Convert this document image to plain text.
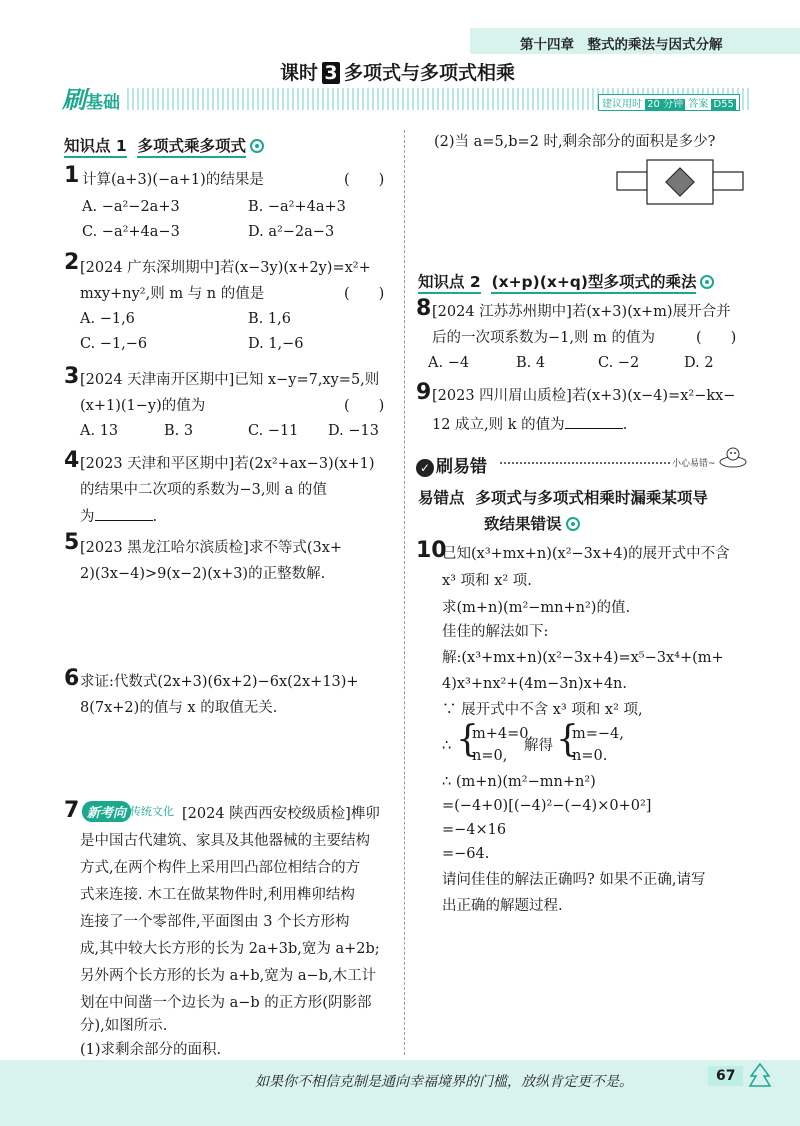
第十四章　整式的乘法与因式分解
课时 3 多项式与多项式相乘
刷基础	建议用时 20 分钟 答案 D55
知识点 1 多项式乘多项式
1 计算(a+3)(−a+1)的结果是	(　　)
A. −a²−2a+3	B. −a²+4a+3
C. −a²+4a−3	D. a²−2a−3
2 [2024 广东深圳期中]若(x−3y)(x+2y)=x²+
mxy+ny²,则 m 与 n 的值是	(　　)
A. −1,6	B. 1,6
C. −1,−6	D. 1,−6
3 [2024 天津南开区期中]已知 x−y=7,xy=5,则
(x+1)(1−y)的值为	(　　)
A. 13	B. 3	C. −11 D. −13
4 [2023 天津和平区期中]若(2x²+ax−3)(x+1)
的结果中二次项的系数为−3,则 a 的值
为	.
5 [2023 黑龙江哈尔滨质检]求不等式(3x+
2)(3x−4)>9(x−2)(x+3)的正整数解.
6 求证:代数式(2x+3)(6x+2)−6x(2x+13)+
8(7x+2)的值与 x 的取值无关.
7 新考向 传统文化 [2024 陕西西安校级质检]榫卯
是中国古代建筑、家具及其他器械的主要结构
方式,在两个构件上采用凹凸部位相结合的方
式来连接. 木工在做某物件时,利用榫卯结构
连接了一个零部件,平面图由 3 个长方形构
成,其中较大长方形的长为 2a+3b,宽为 a+2b;
另外两个长方形的长为 a+b,宽为 a−b,木工计
划在中间凿一个边长为 a−b 的正方形(阴影部
分),如图所示.
(1)求剩余部分的面积.
(2)当 a=5,b=2 时,剩余部分的面积是多少?
知识点 2 (x+p)(x+q)型多项式的乘法
8 [2024 江苏苏州期中]若(x+3)(x+m)展开合并
后的一次项系数为−1,则 m 的值为	(　　)
A. −4	B. 4	C. −2	D. 2
9 [2023 四川眉山质检]若(x+3)(x−4)=x²−kx−
12 成立,则 k 的值为	.
✓ 刷易错	小心易错~
易错点 多项式与多项式相乘时漏乘某项导
致结果错误
10
已知(x³+mx+n)(x²−3x+4)的展开式中不含
x³ 项和 x² 项.
求(m+n)(m²−mn+n²)的值.
佳佳的解法如下:
解:(x³+mx+n)(x²−3x+4)=x⁵−3x⁴+(m+
4)x³+nx²+(4m−3n)x+4n.
∵ 展开式中不含 x³ 项和 x² 项,
∴ {
m+4=0,
n=0,
解得 {
m=−4,
n=0.
∴ (m+n)(m²−mn+n²)
=(−4+0)[(−4)²−(−4)×0+0²]
=−4×16
=−64.
请问佳佳的解法正确吗? 如果不正确,请写
出正确的解题过程.
如果你不相信克制是通向幸福境界的门槛，放纵肯定更不是。	67
